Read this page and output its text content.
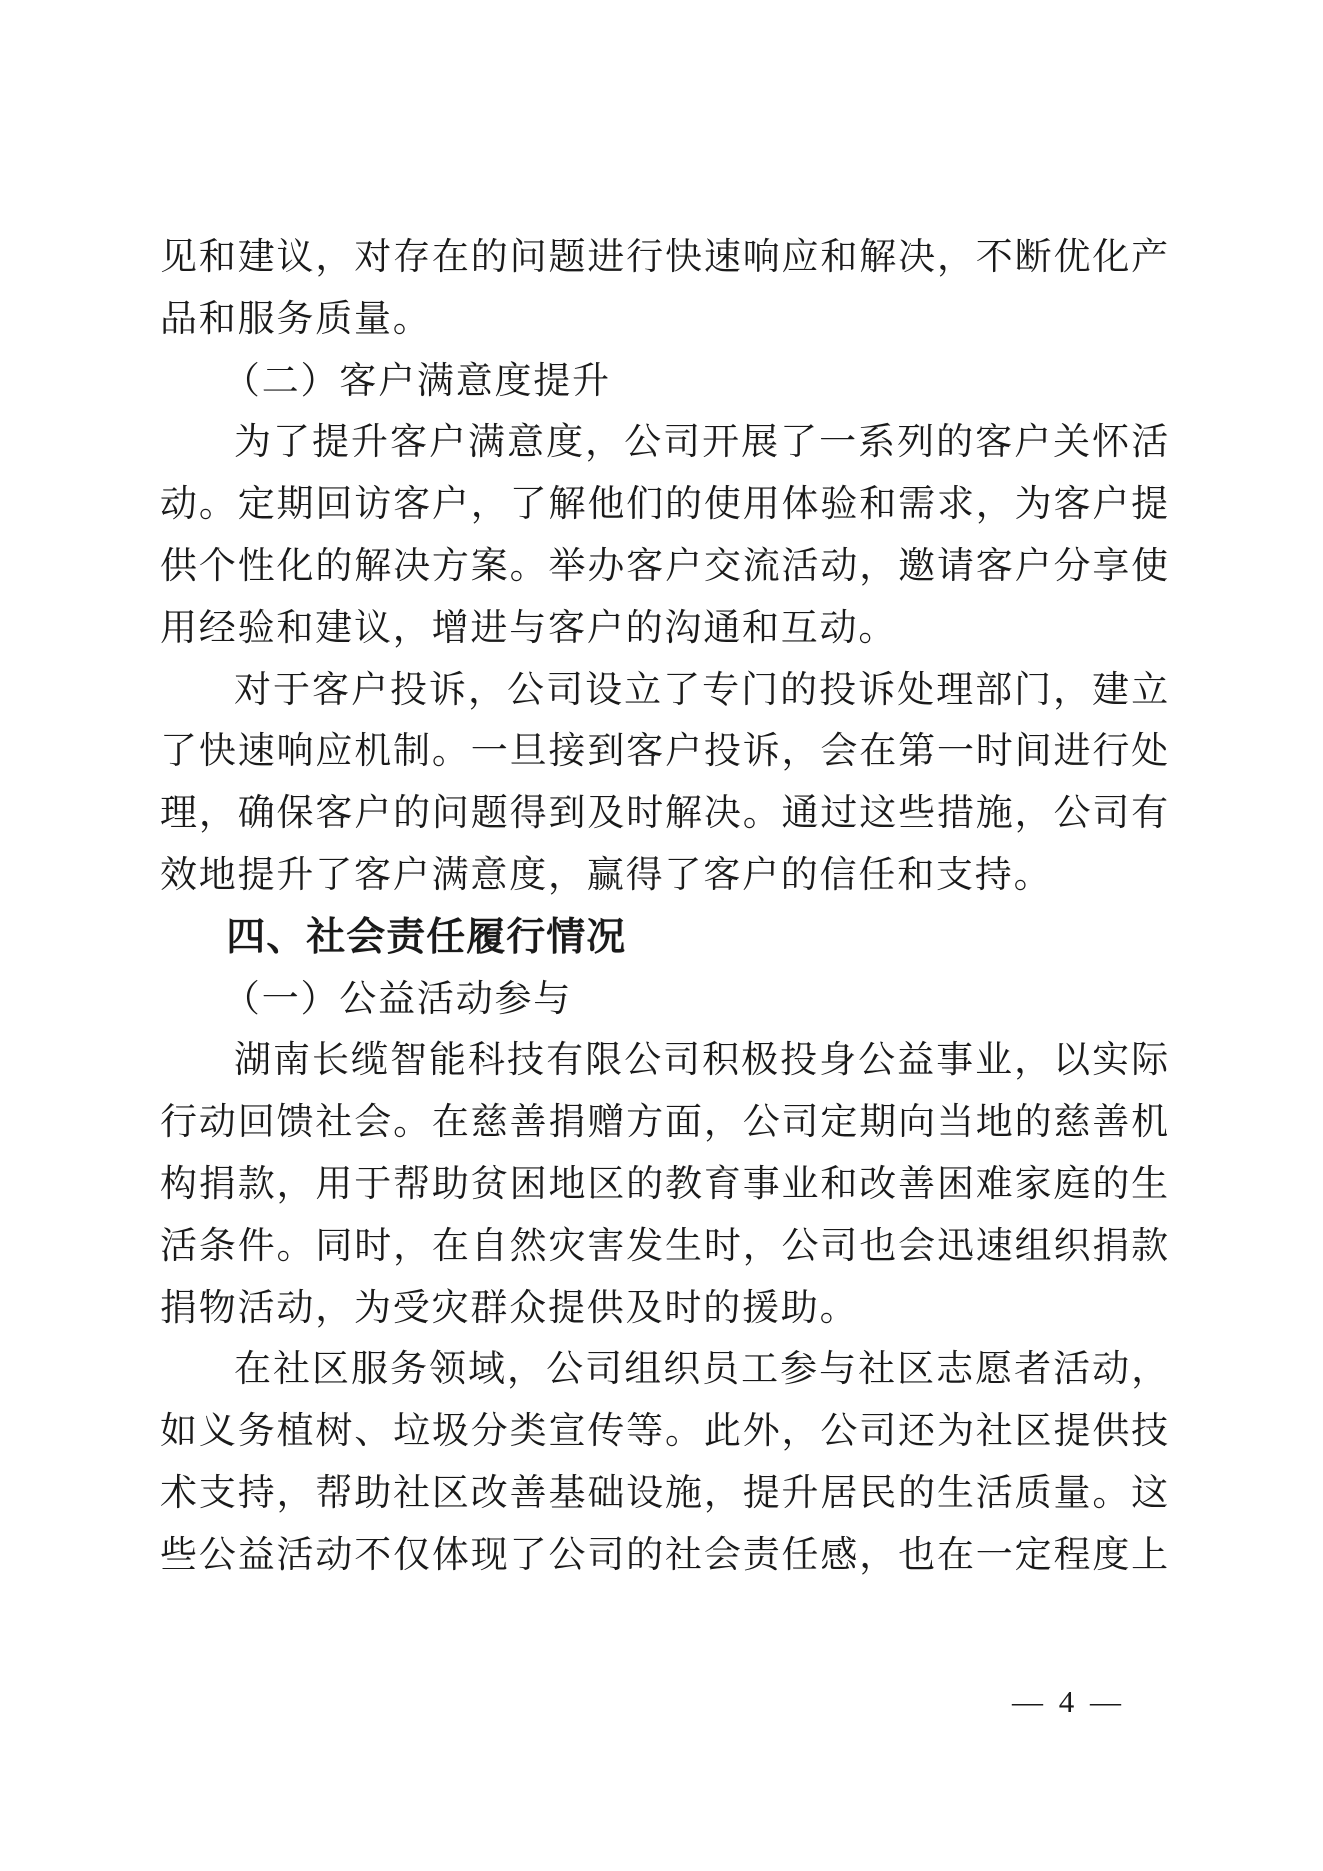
见和建议，对存在的问题进行快速响应和解决，不断优化产
品和服务质量。
（二）客户满意度提升
为了提升客户满意度，公司开展了一系列的客户关怀活
动。定期回访客户，了解他们的使用体验和需求，为客户提
供个性化的解决方案。举办客户交流活动，邀请客户分享使
用经验和建议，增进与客户的沟通和互动。
对于客户投诉，公司设立了专门的投诉处理部门，建立
了快速响应机制。一旦接到客户投诉，会在第一时间进行处
理，确保客户的问题得到及时解决。通过这些措施，公司有
效地提升了客户满意度，赢得了客户的信任和支持。
四、社会责任履行情况
（一）公益活动参与
湖南长缆智能科技有限公司积极投身公益事业，以实际
行动回馈社会。在慈善捐赠方面，公司定期向当地的慈善机
构捐款，用于帮助贫困地区的教育事业和改善困难家庭的生
活条件。同时，在自然灾害发生时，公司也会迅速组织捐款
捐物活动，为受灾群众提供及时的援助。
在社区服务领域，公司组织员工参与社区志愿者活动，
如义务植树、垃圾分类宣传等。此外，公司还为社区提供技
术支持，帮助社区改善基础设施，提升居民的生活质量。这
些公益活动不仅体现了公司的社会责任感，也在一定程度上
— 4 —
